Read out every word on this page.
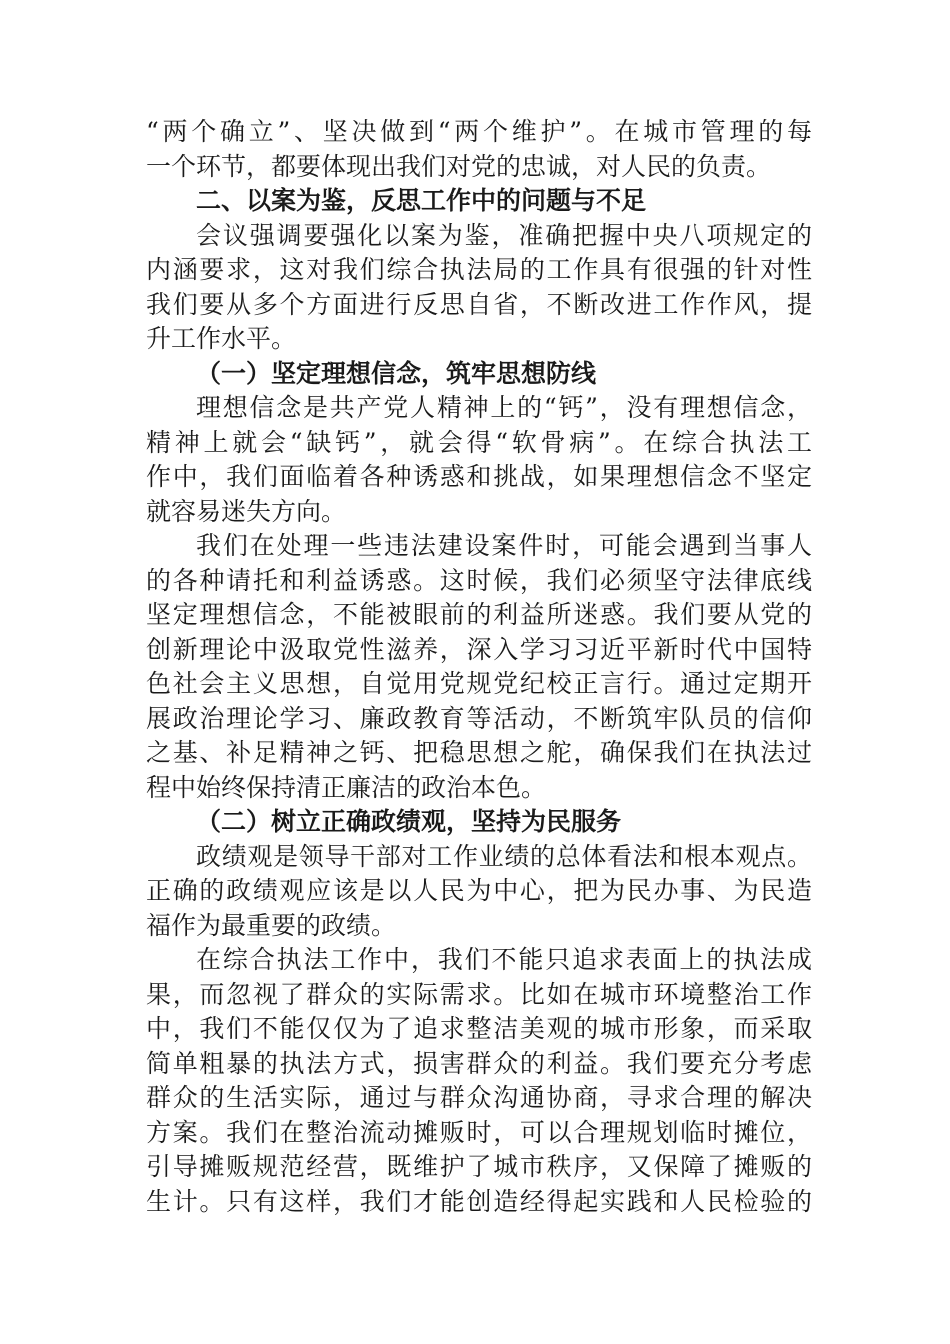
“两个确立”、坚决做到“两个维护”。在城市管理的每
一个环节，都要体现出我们对党的忠诚，对人民的负责。
二、以案为鉴，反思工作中的问题与不足
会议强调要强化以案为鉴，准确把握中央八项规定的
内涵要求，这对我们综合执法局的工作具有很强的针对性
我们要从多个方面进行反思自省，不断改进工作作风，提
升工作水平。
（一）坚定理想信念，筑牢思想防线
理想信念是共产党人精神上的“钙”，没有理想信念，
精神上就会“缺钙”，就会得“软骨病”。在综合执法工
作中，我们面临着各种诱惑和挑战，如果理想信念不坚定
就容易迷失方向。
我们在处理一些违法建设案件时，可能会遇到当事人
的各种请托和利益诱惑。这时候，我们必须坚守法律底线
坚定理想信念，不能被眼前的利益所迷惑。我们要从党的
创新理论中汲取党性滋养，深入学习习近平新时代中国特
色社会主义思想，自觉用党规党纪校正言行。通过定期开
展政治理论学习、廉政教育等活动，不断筑牢队员的信仰
之基、补足精神之钙、把稳思想之舵，确保我们在执法过
程中始终保持清正廉洁的政治本色。
（二）树立正确政绩观，坚持为民服务
政绩观是领导干部对工作业绩的总体看法和根本观点。
正确的政绩观应该是以人民为中心，把为民办事、为民造
福作为最重要的政绩。
在综合执法工作中，我们不能只追求表面上的执法成
果，而忽视了群众的实际需求。比如在城市环境整治工作
中，我们不能仅仅为了追求整洁美观的城市形象，而采取
简单粗暴的执法方式，损害群众的利益。我们要充分考虑
群众的生活实际，通过与群众沟通协商，寻求合理的解决
方案。我们在整治流动摊贩时，可以合理规划临时摊位，
引导摊贩规范经营，既维护了城市秩序，又保障了摊贩的
生计。只有这样，我们才能创造经得起实践和人民检验的
